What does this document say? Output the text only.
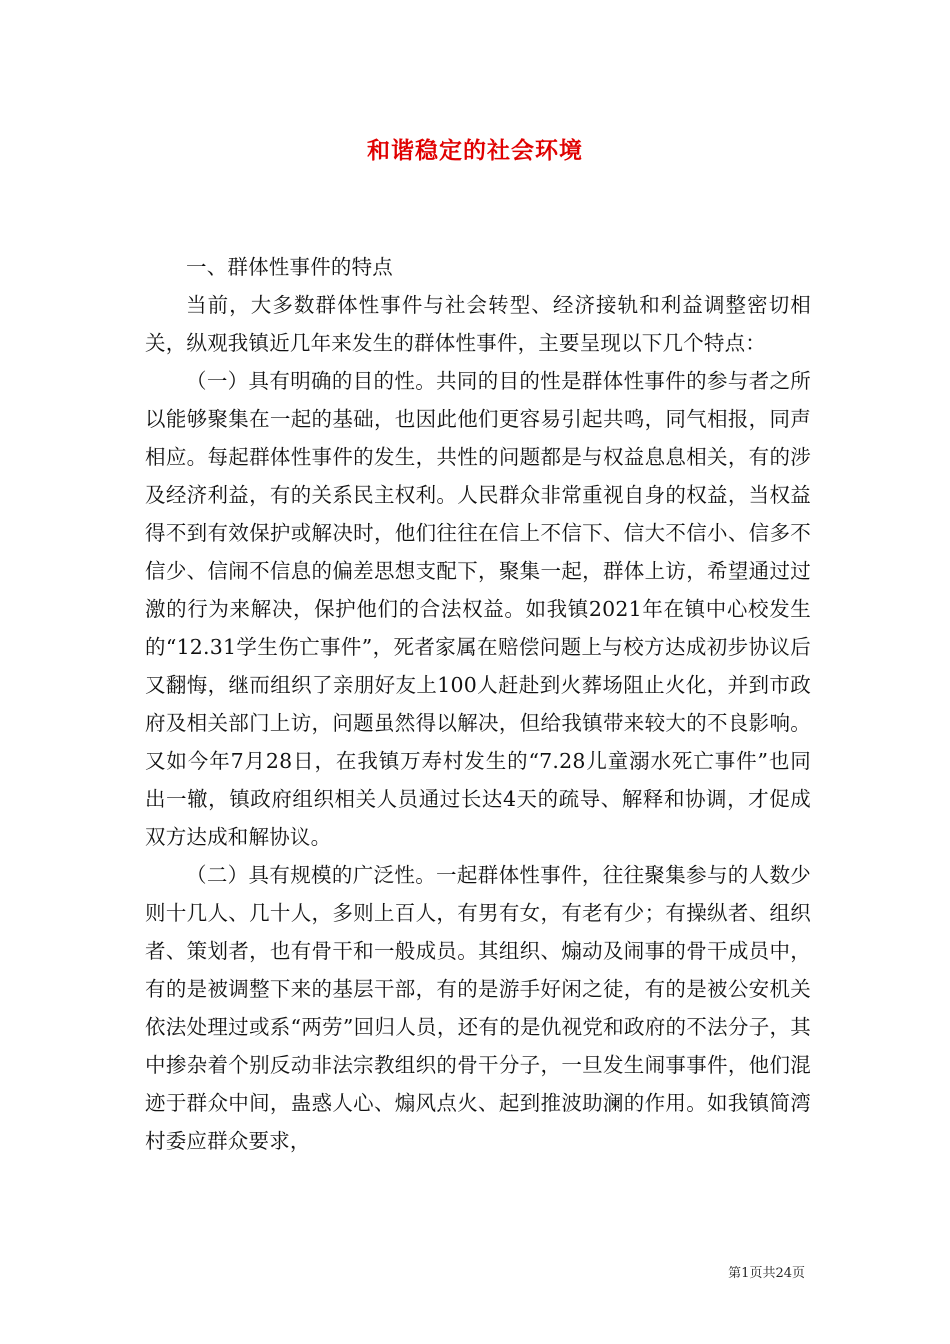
和谐稳定的社会环境

一、群体性事件的特点

当前，大多数群体性事件与社会转型、经济接轨和利益调整密切相关，纵观我镇近几年来发生的群体性事件，主要呈现以下几个特点：

（一）具有明确的目的性。共同的目的性是群体性事件的参与者之所以能够聚集在一起的基础，也因此他们更容易引起共鸣，同气相报，同声相应。每起群体性事件的发生，共性的问题都是与权益息息相关，有的涉及经济利益，有的关系民主权利。人民群众非常重视自身的权益，当权益得不到有效保护或解决时，他们往往在信上不信下、信大不信小、信多不信少、信闹不信息的偏差思想支配下，聚集一起，群体上访，希望通过过激的行为来解决，保护他们的合法权益。如我镇2021年在镇中心校发生的“12.31学生伤亡事件”，死者家属在赔偿问题上与校方达成初步协议后又翻悔，继而组织了亲朋好友上100人赶赴到火葬场阻止火化，并到市政府及相关部门上访，问题虽然得以解决，但给我镇带来较大的不良影响。又如今年7月28日，在我镇万寿村发生的“7.28儿童溺水死亡事件”也同出一辙，镇政府组织相关人员通过长达4天的疏导、解释和协调，才促成双方达成和解协议。

（二）具有规模的广泛性。一起群体性事件，往往聚集参与的人数少则十几人、几十人，多则上百人，有男有女，有老有少；有操纵者、组织者、策划者，也有骨干和一般成员。其组织、煽动及闹事的骨干成员中，有的是被调整下来的基层干部，有的是游手好闲之徒，有的是被公安机关依法处理过或系“两劳”回归人员，还有的是仇视党和政府的不法分子，其中掺杂着个别反动非法宗教组织的骨干分子，一旦发生闹事事件，他们混迹于群众中间，蛊惑人心、煽风点火、起到推波助澜的作用。如我镇简湾村委应群众要求，

第1页共24页
